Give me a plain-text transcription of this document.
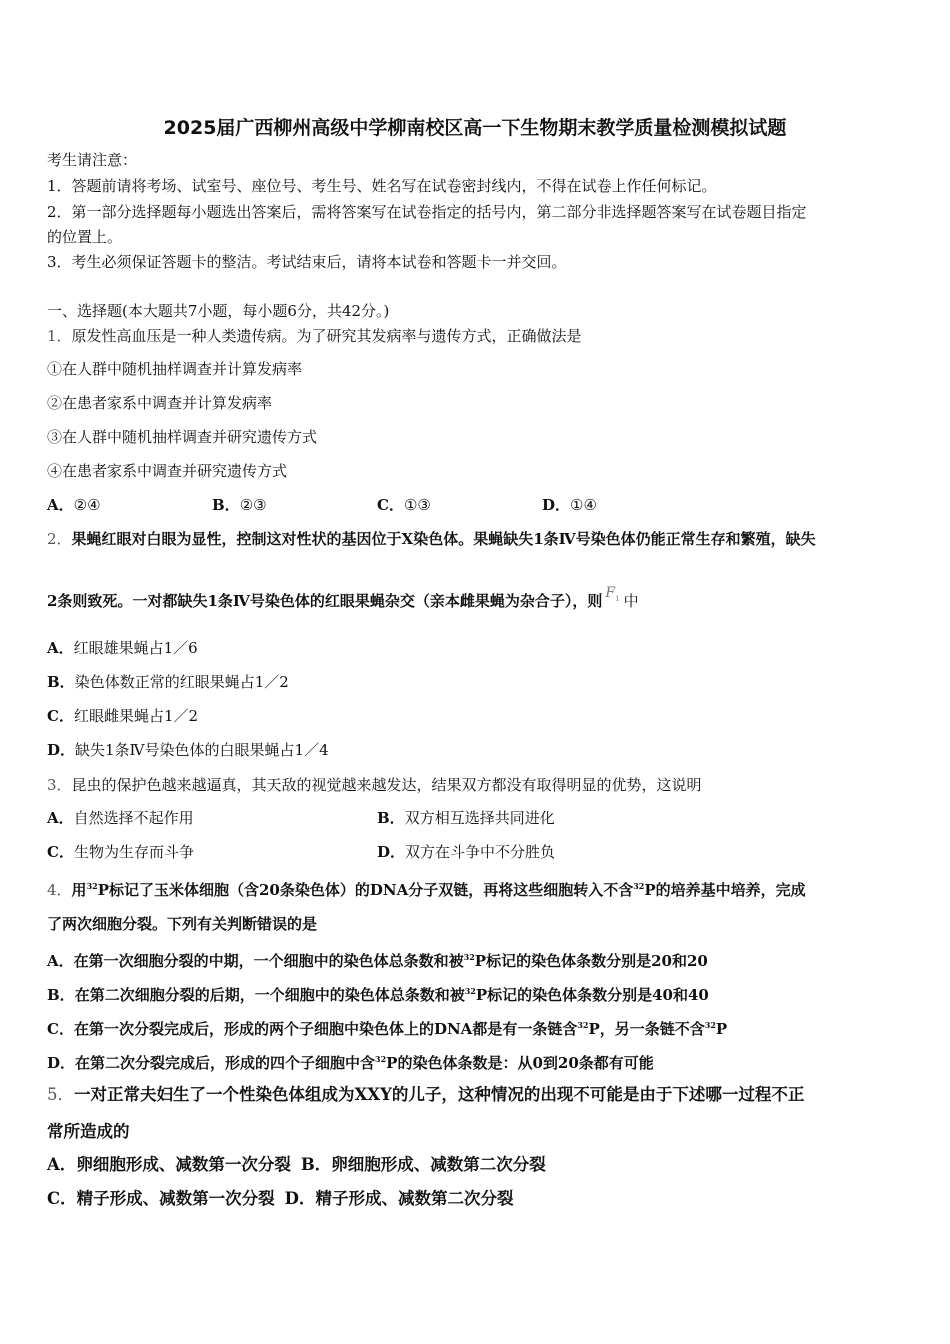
2025届广西柳州高级中学柳南校区高一下生物期末教学质量检测模拟试题
考生请注意：
1．答题前请将考场、试室号、座位号、考生号、姓名写在试卷密封线内，不得在试卷上作任何标记。
2．第一部分选择题每小题选出答案后，需将答案写在试卷指定的括号内，第二部分非选择题答案写在试卷题目指定
的位置上。
3．考生必须保证答题卡的整洁。考试结束后，请将本试卷和答题卡一并交回。
一、选择题(本大题共7小题，每小题6分，共42分。)
1．原发性高血压是一种人类遗传病。为了研究其发病率与遗传方式，正确做法是
①在人群中随机抽样调查并计算发病率
②在患者家系中调查并计算发病率
③在人群中随机抽样调查并研究遗传方式
④在患者家系中调查并研究遗传方式
A．②④	B．②③	C．①③	D．①④
2．果蝇红眼对白眼为显性，控制这对性状的基因位于X染色体。果蝇缺失1条Ⅳ号染色体仍能正常生存和繁殖，缺失
2条则致死。一对都缺失1条Ⅳ号染色体的红眼果蝇杂交（亲本雌果蝇为杂合子），则 $F_1$ 中
A．红眼雄果蝇占1／6
B．染色体数正常的红眼果蝇占1／2
C．红眼雌果蝇占1／2
D．缺失1条Ⅳ号染色体的白眼果蝇占1／4
3．昆虫的保护色越来越逼真，其天敌的视觉越来越发达，结果双方都没有取得明显的优势，这说明
A．自然选择不起作用	B．双方相互选择共同进化
C．生物为生存而斗争	D．双方在斗争中不分胜负
4．用$^{32}$P标记了玉米体细胞（含20条染色体）的DNA分子双链，再将这些细胞转入不含$^{32}$P的培养基中培养，完成
了两次细胞分裂。下列有关判断错误的是
A．在第一次细胞分裂的中期，一个细胞中的染色体总条数和被$^{32}$P标记的染色体条数分别是20和20
B．在第二次细胞分裂的后期，一个细胞中的染色体总条数和被$^{32}$P标记的染色体条数分别是40和40
C．在第一次分裂完成后，形成的两个子细胞中染色体上的DNA都是有一条链含$^{32}$P，另一条链不含$^{32}$P
D．在第二次分裂完成后，形成的四个子细胞中含$^{32}$P的染色体条数是：从0到20条都有可能
5．一对正常夫妇生了一个性染色体组成为XXY的儿子，这种情况的出现不可能是由于下述哪一过程不正
常所造成的
A．卵细胞形成、减数第一次分裂 B．卵细胞形成、减数第二次分裂
C．精子形成、减数第一次分裂 D．精子形成、减数第二次分裂
